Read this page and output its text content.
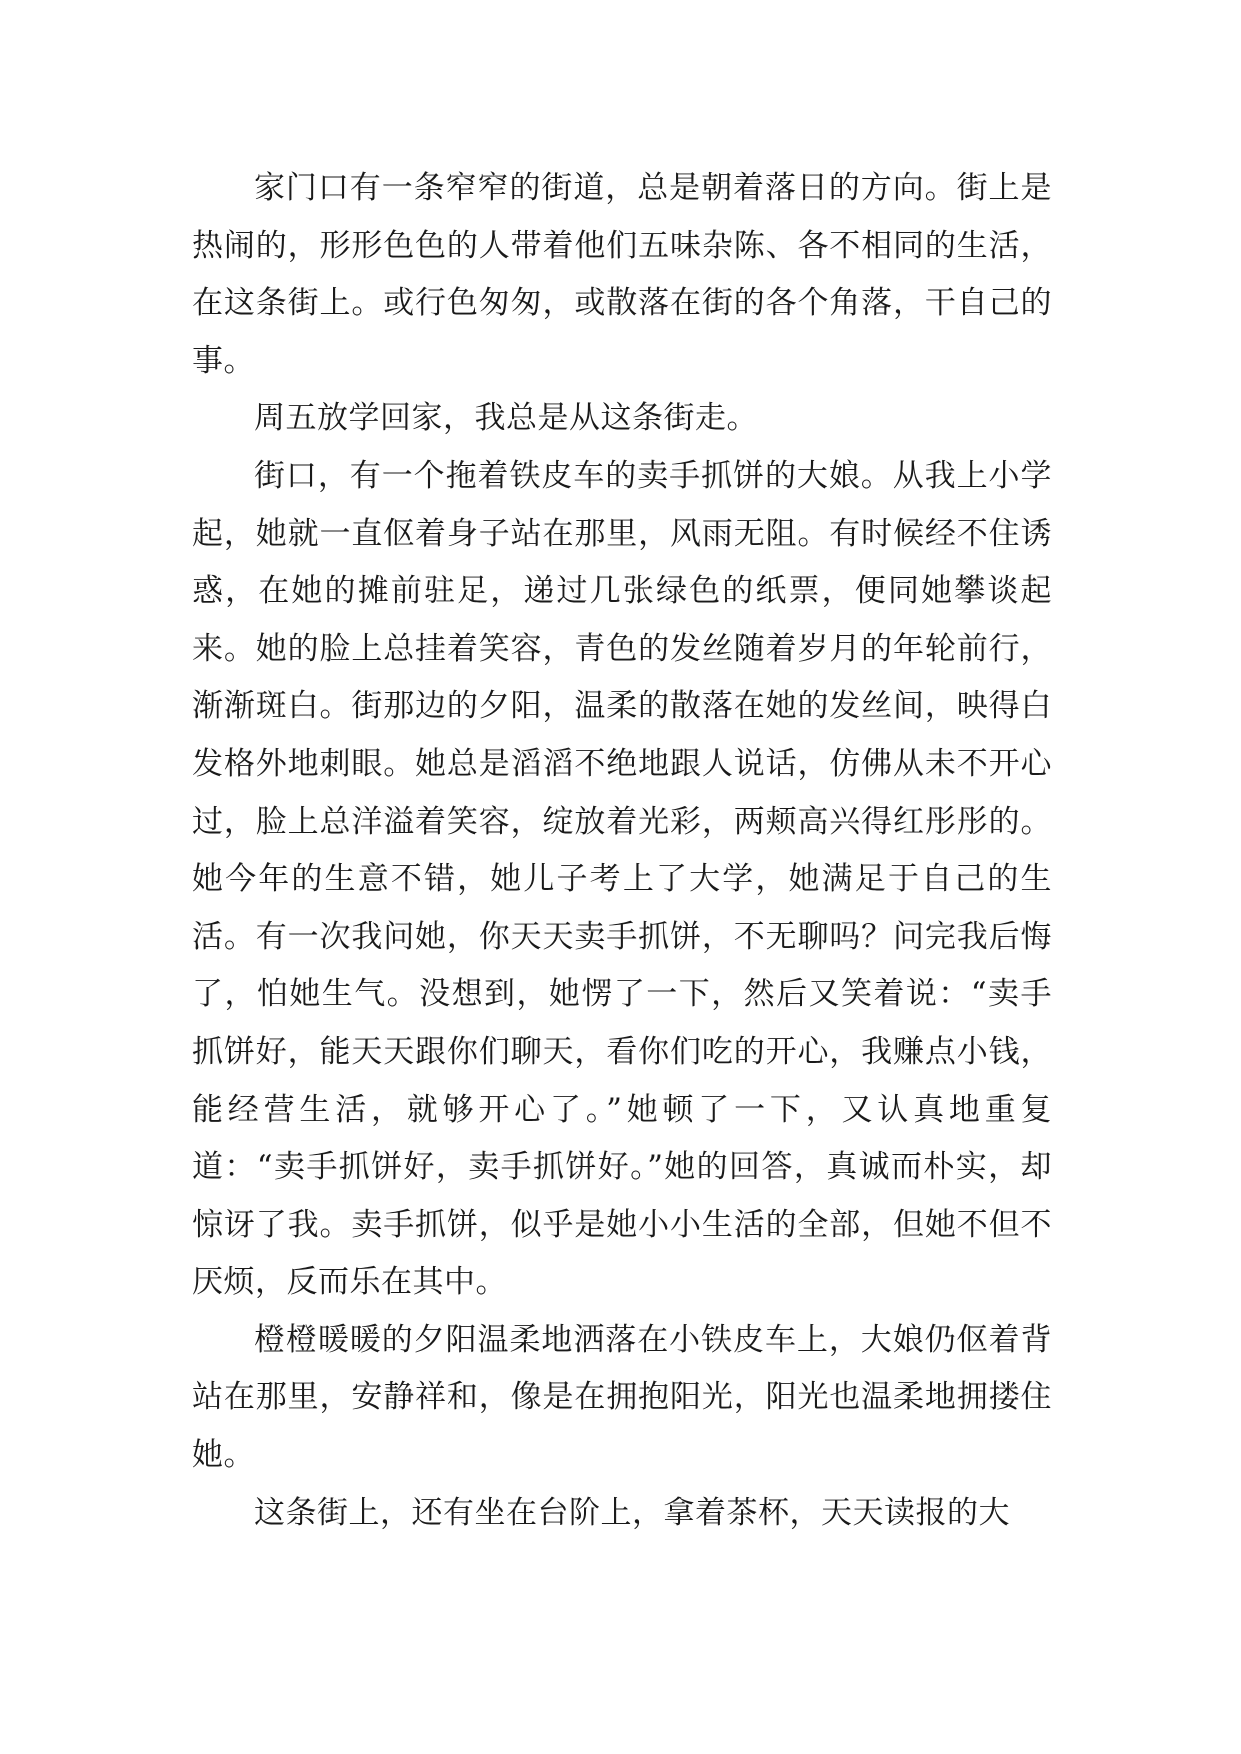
家门口有一条窄窄的街道，总是朝着落日的方向。街上是热闹的，形形色色的人带着他们五味杂陈、各不相同的生活，在这条街上。或行色匆匆，或散落在街的各个角落，干自己的事。

周五放学回家，我总是从这条街走。

街口，有一个拖着铁皮车的卖手抓饼的大娘。从我上小学起，她就一直伛着身子站在那里，风雨无阻。有时候经不住诱惑，在她的摊前驻足，递过几张绿色的纸票，便同她攀谈起来。她的脸上总挂着笑容，青色的发丝随着岁月的年轮前行，渐渐斑白。街那边的夕阳，温柔的散落在她的发丝间，映得白发格外地刺眼。她总是滔滔不绝地跟人说话，仿佛从未不开心过，脸上总洋溢着笑容，绽放着光彩，两颊高兴得红彤彤的。她今年的生意不错，她儿子考上了大学，她满足于自己的生活。有一次我问她，你天天卖手抓饼，不无聊吗？问完我后悔了，怕她生气。没想到，她愣了一下，然后又笑着说：“卖手抓饼好，能天天跟你们聊天，看你们吃的开心，我赚点小钱，能经营生活，就够开心了。”她顿了一下，又认真地重复道：“卖手抓饼好，卖手抓饼好。”她的回答，真诚而朴实，却惊讶了我。卖手抓饼，似乎是她小小生活的全部，但她不但不厌烦，反而乐在其中。

橙橙暖暖的夕阳温柔地洒落在小铁皮车上，大娘仍伛着背站在那里，安静祥和，像是在拥抱阳光，阳光也温柔地拥搂住她。

这条街上，还有坐在台阶上，拿着茶杯，天天读报的大
